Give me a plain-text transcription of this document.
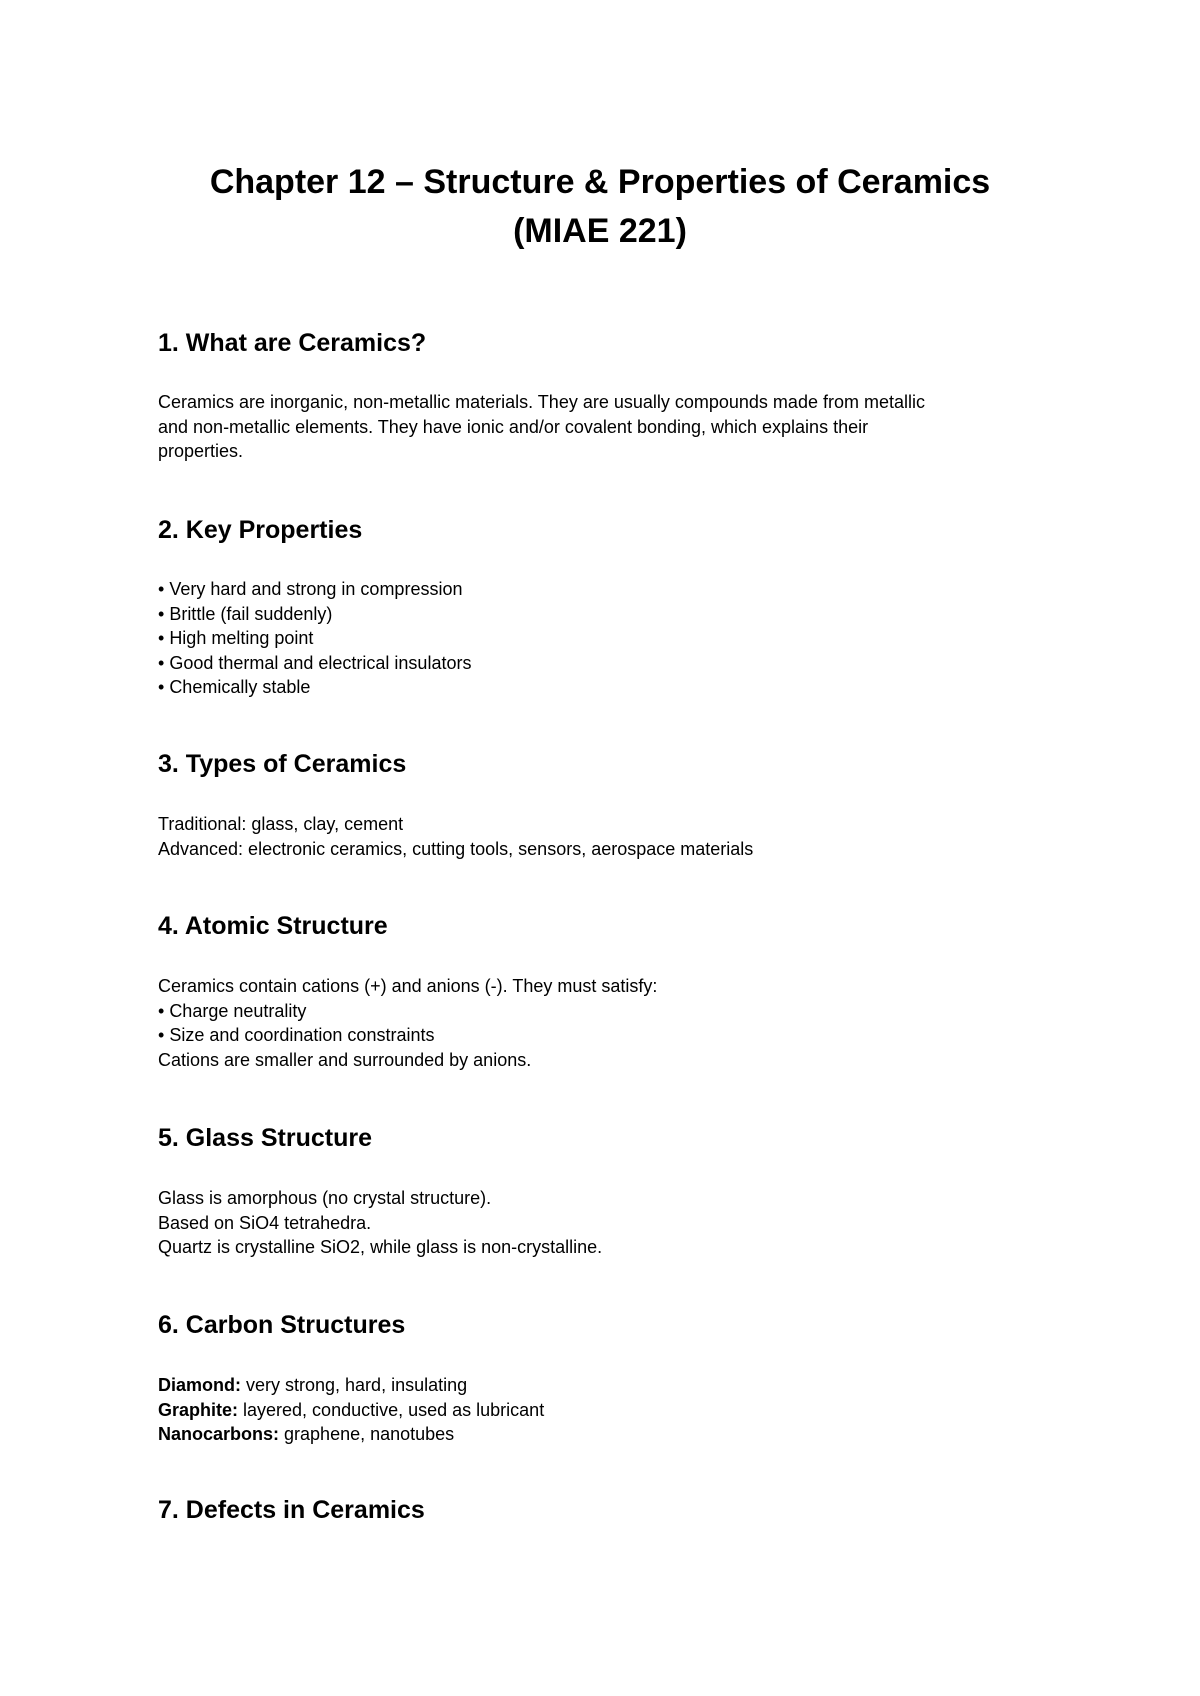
Chapter 12 – Structure & Properties of Ceramics
(MIAE 221)
1. What are Ceramics?
Ceramics are inorganic, non-metallic materials. They are usually compounds made from metallic
and non-metallic elements. They have ionic and/or covalent bonding, which explains their
properties.
2. Key Properties
• Very hard and strong in compression
• Brittle (fail suddenly)
• High melting point
• Good thermal and electrical insulators
• Chemically stable
3. Types of Ceramics
Traditional: glass, clay, cement
Advanced: electronic ceramics, cutting tools, sensors, aerospace materials
4. Atomic Structure
Ceramics contain cations (+) and anions (-). They must satisfy:
• Charge neutrality
• Size and coordination constraints
Cations are smaller and surrounded by anions.
5. Glass Structure
Glass is amorphous (no crystal structure).
Based on SiO4 tetrahedra.
Quartz is crystalline SiO2, while glass is non-crystalline.
6. Carbon Structures
Diamond: very strong, hard, insulating
Graphite: layered, conductive, used as lubricant
Nanocarbons: graphene, nanotubes
7. Defects in Ceramics
